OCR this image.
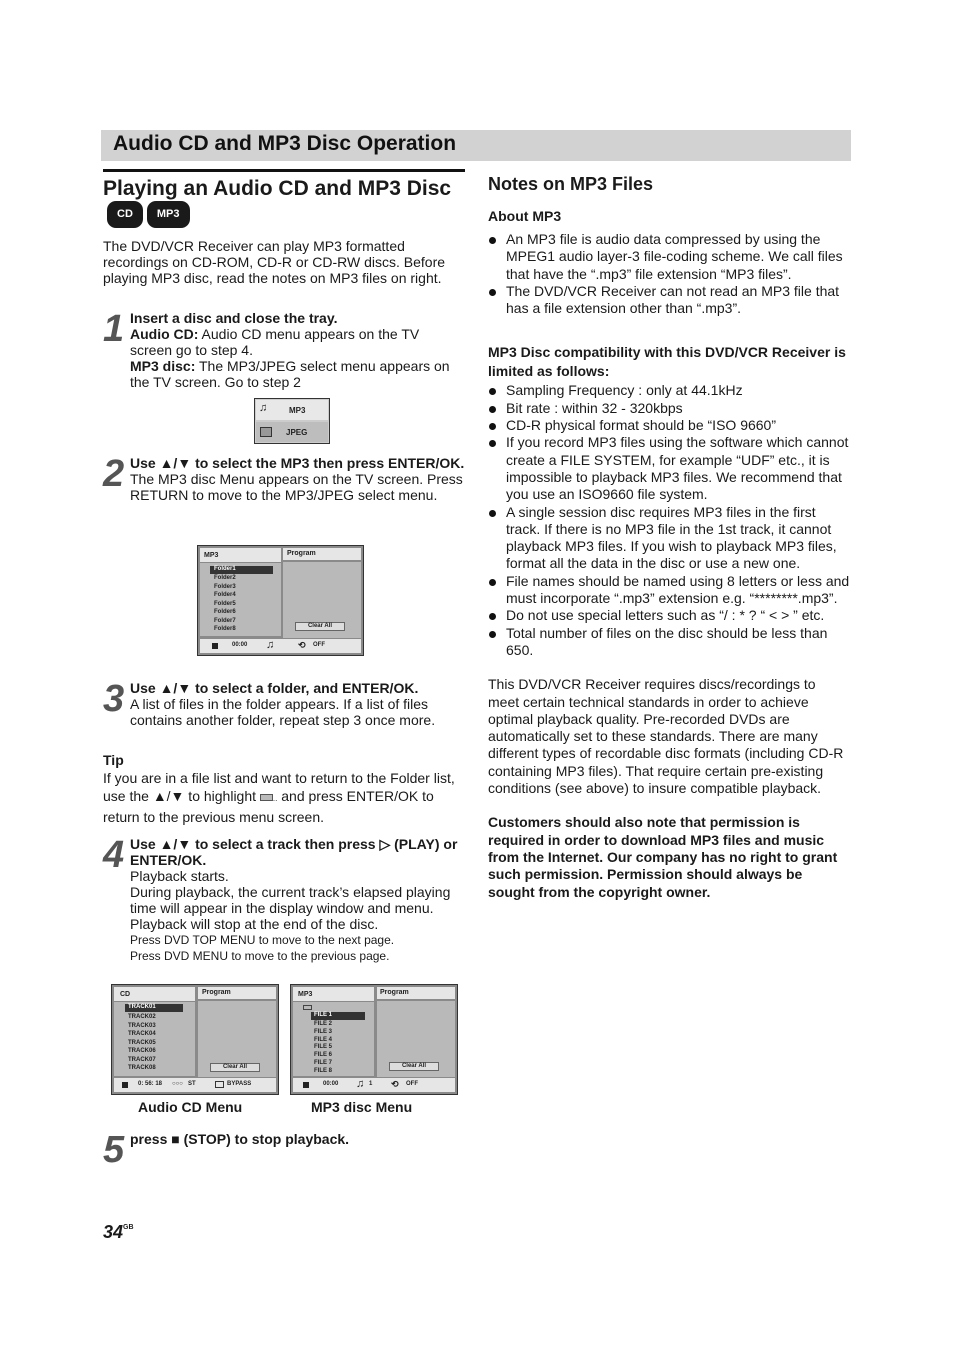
Audio CD and MP3 Disc Operation
Playing an Audio CD and MP3 DiscCD MP3

The DVD/VCR Receiver can play MP3 formatted recordings on CD-ROM, CD-R or CD-RW discs. Before playing MP3 disc, read the notes on MP3 files on right.

1 Insert a disc and close the tray.
Audio CD: Audio CD menu appears on the TV screen go to step 4.
MP3 disc: The MP3/JPEG select menu appears on the TV screen. Go to step 2
♫	MP3
JPEG
2 Use ▲/▼ to select the MP3 then press ENTER/OK.
The MP3 disc Menu appears on the TV screen. Press RETURN to move to the MP3/JPEG select menu.
MP3	Program
Folder1
Folder2
Folder3
Folder4
Folder5
Folder6
Folder7
Folder8	Clear All
00:00 ♫	⟲ OFF
3 Use ▲/▼ to select a folder, and ENTER/OK.
A list of files in the folder appears. If a list of files contains another folder, repeat step 3 once more.
Tip

If you are in a file list and want to return to the Folder list, use the ▲/▼ to highlight .. and press ENTER/OK to return to the previous menu screen.

4 Use ▲/▼ to select a track then press ▷ (PLAY) or ENTER/OK.
Playback starts.
During playback, the current track’s elapsed playing time will appear in the display window and menu. Playback will stop at the end of the disc.
Press DVD TOP MENU to move to the next page.
Press DVD MENU to move to the previous page.
CD	Program
TRACK01
TRACK02
TRACK03
TRACK04
TRACK05
TRACK06
TRACK07
TRACK08	Clear All
0: 56: 18 ○○○ ST	BYPASS
MP3	Program
FILE 1
FILE 2
FILE 3
FILE 4
FILE 5
FILE 6
FILE 7
FILE 8
Clear All
00:00 ♫ 1 ⟲ OFF
Audio CD Menu	MP3 disc Menu
5 press ■ (STOP) to stop playback.
Notes on MP3 Files
About MP3
An MP3 file is audio data compressed by using the MPEG1 audio layer-3 file-coding scheme. We call files that have the “.mp3” file extension “MP3 files”.
The DVD/VCR Receiver can not read an MP3 file that has a file extension other than “.mp3”.
MP3 Disc compatibility with this DVD/VCR Receiver is limited as follows:
Sampling Frequency : only at 44.1kHz
Bit rate : within 32 - 320kbps
CD-R physical format should be “ISO 9660”
If you record MP3 files using the software which cannot create a FILE SYSTEM, for example “UDF” etc., it is impossible to playback MP3 files. We recommend that you use an ISO9660 file system.
A single session disc requires MP3 files in the first track. If there is no MP3 file in the 1st track, it cannot playback MP3 files. If you wish to playback MP3 files, format all the data in the disc or use a new one.
File names should be named using 8 letters or less and must incorporate “.mp3” extension e.g. “********.mp3”.
Do not use special letters such as “/ : * ? “ < > ” etc.
Total number of files on the disc should be less than 650.

This DVD/VCR Receiver requires discs/recordings to meet certain technical standards in order to achieve optimal playback quality. Pre-recorded DVDs are automatically set to these standards. There are many different types of recordable disc formats (including CD-R containing MP3 files). That require certain pre-existing conditions (see above) to insure compatible playback.

Customers should also note that permission is required in order to download MP3 files and music from the Internet. Our company has no right to grant such permission. Permission should always be sought from the copyright owner.

$34^{GB}$
